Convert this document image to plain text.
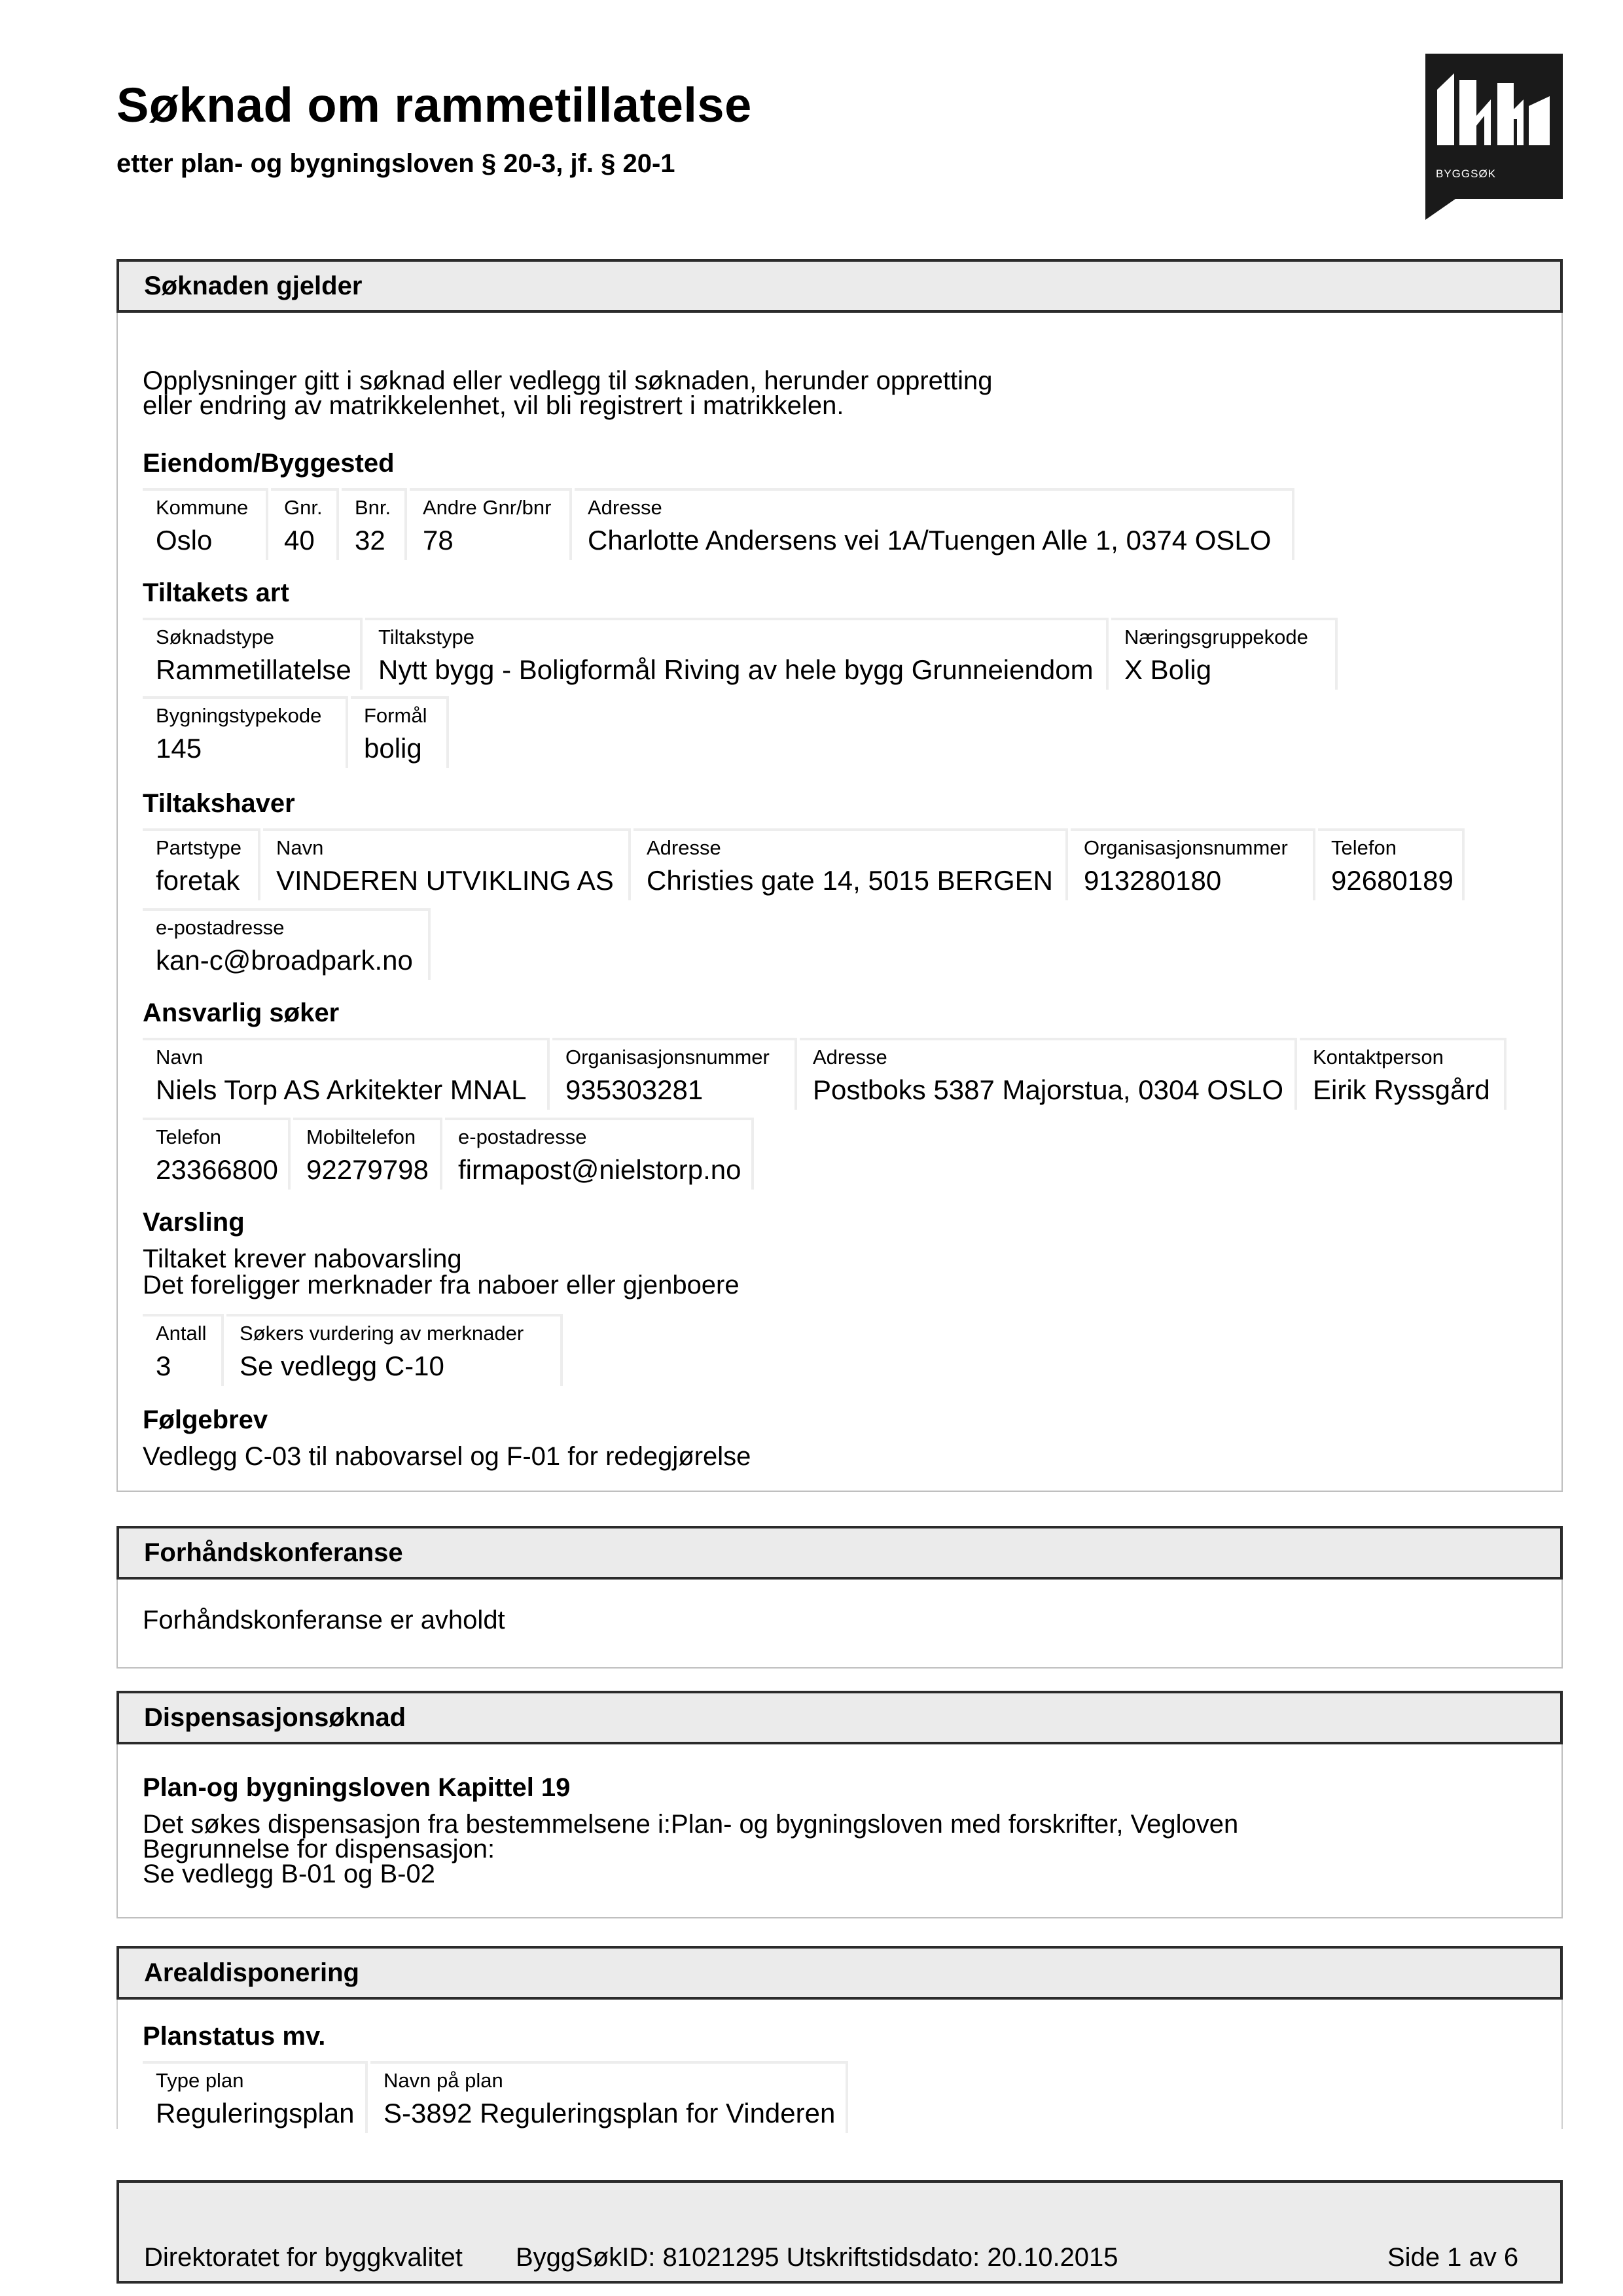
Søknad om rammetillatelse
etter plan- og bygningsloven § 20-3, jf. § 20-1	BYGGSØK
Søknaden gjelder
Opplysninger gitt i søknad eller vedlegg til søknaden, herunder oppretting
eller endring av matrikkelenhet, vil bli registrert i matrikkelen.
Eiendom/Byggested
Kommune
Oslo
Gnr.
40
Bnr.
32
Andre Gnr/bnr
78
Adresse
Charlotte Andersens vei 1A/Tuengen Alle 1, 0374 OSLO
Tiltakets art
Søknadstype
Rammetillatelse
Tiltakstype
Nytt bygg - Boligformål Riving av hele bygg Grunneiendom
Næringsgruppekode
X Bolig
Bygningstypekode
145
Formål
bolig
Tiltakshaver
Partstype
foretak
Navn
VINDEREN UTVIKLING AS
Adresse
Christies gate 14, 5015 BERGEN
Organisasjonsnummer
913280180
Telefon
92680189
e-postadresse
kan-c@broadpark.no
Ansvarlig søker
Navn
Niels Torp AS Arkitekter MNAL
Organisasjonsnummer
935303281
Adresse
Postboks 5387 Majorstua, 0304 OSLO
Kontaktperson
Eirik Ryssgård
Telefon
23366800
Mobiltelefon
92279798
e-postadresse
firmapost@nielstorp.no
Varsling
Tiltaket krever nabovarsling
Det foreligger merknader fra naboer eller gjenboere
Antall
3
Søkers vurdering av merknader
Se vedlegg C-10
Følgebrev
Vedlegg C-03 til nabovarsel og F-01 for redegjørelse
Forhåndskonferanse
Forhåndskonferanse er avholdt
Dispensasjonsøknad
Plan-og bygningsloven Kapittel 19
Det søkes dispensasjon fra bestemmelsene i:Plan- og bygningsloven med forskrifter, Vegloven
Begrunnelse for dispensasjon:
Se vedlegg B-01 og B-02
Arealdisponering
Planstatus mv.
Type plan
Reguleringsplan
Navn på plan
S-3892 Reguleringsplan for Vinderen
Direktoratet for byggkvalitet ByggSøkID: 81021295 Utskriftstidsdato: 20.10.2015	Side 1 av 6
